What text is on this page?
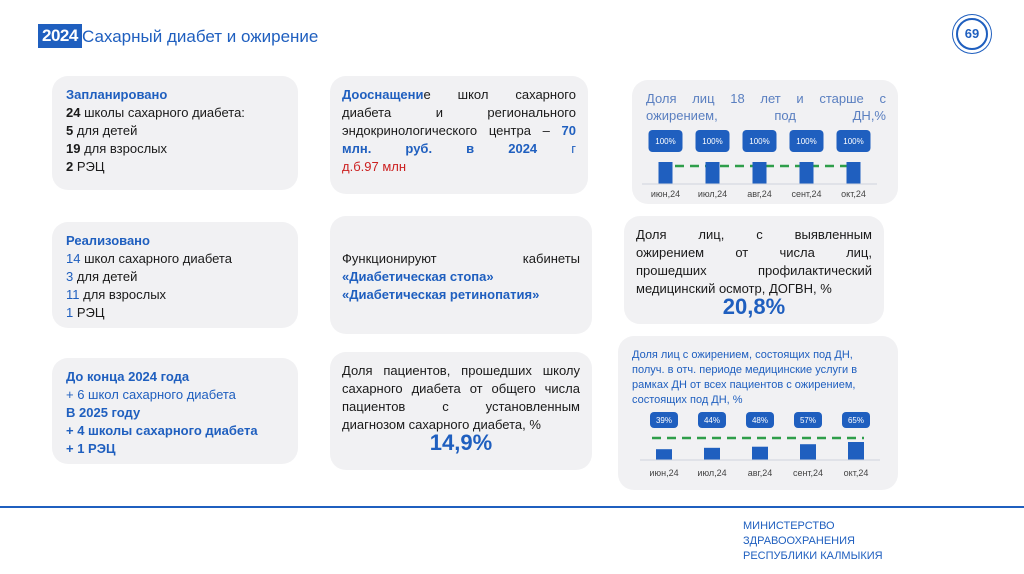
2024 Сахарный диабет и ожирение	69
Запланировано
24 школы сахарного диабета:
5 для детей
19 для взрослых
2 РЭЦ
Реализовано
14 школ сахарного диабета
3 для детей
11 для взрослых
1 РЭЦ
До конца 2024 года
+ 6 школ сахарного диабета
В 2025 году
+ 4 школы сахарного диабета
+ 1 РЭЦ
Дооснащение школ сахарного
диабета и регионального
эндокринологического центра – 70
млн. руб. в 2024 г
д.б.97 млн
Функционируют кабинеты
«Диабетическая стопа»
«Диабетическая ретинопатия»
Доля пациентов, прошедших школу
сахарного диабета от общего числа
пациентов с установленным
диагнозом сахарного диабета, %
14,9%
Доля лиц 18 лет и старше с ожирением, под ДН,%
100%
июн,24
100%
июл,24
100%
авг,24
100%
сент,24
100%
окт,24
Доля лиц, с выявленным
ожирением от числа лиц,
прошедших профилактический
медицинский осмотр, ДОГВН, %
20,8%
Доля лиц с ожирением, состоящих под ДН, получ. в отч. периоде медицинские услуги в рамках ДН от всех пациентов с ожирением, состоящих под ДН, %
39%
июн,24
44%
июл,24
48%
авг,24
57%
сент,24
65%
окт,24
МИНИСТЕРСТВО
ЗДРАВООХРАНЕНИЯ
РЕСПУБЛИКИ КАЛМЫКИЯ
